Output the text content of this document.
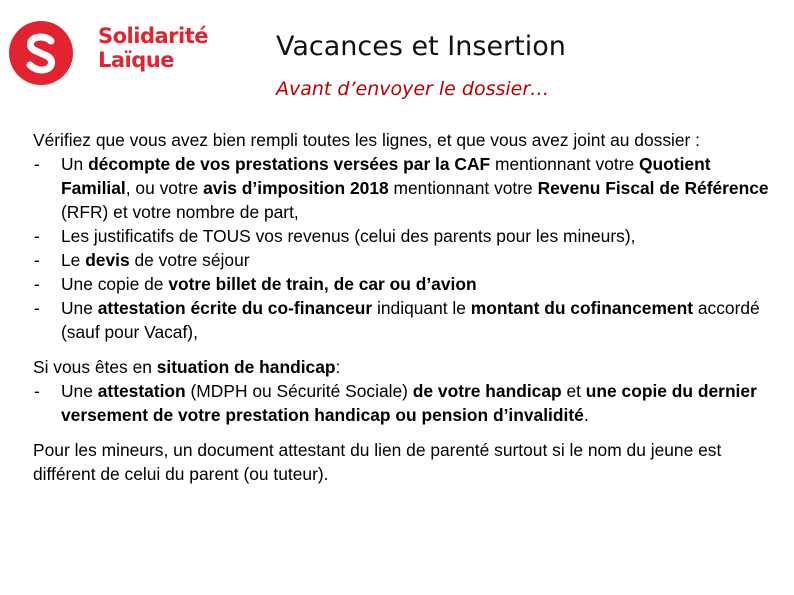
Solidarité
Laïque	Vacances et Insertion
Avant d’envoyer le dossier…

Vérifiez que vous avez bien rempli toutes les lignes, et que vous avez joint au dossier :

- Un décompte de vos prestations versées par la CAF mentionnant votre Quotient Familial, ou votre avis d’imposition 2018 mentionnant votre Revenu Fiscal de Référence (RFR) et votre nombre de part,
- Les justificatifs de TOUS vos revenus (celui des parents pour les mineurs),
- Le devis de votre séjour
- Une copie de votre billet de train, de car ou d’avion
- Une attestation écrite du co-financeur indiquant le montant du cofinancement accordé (sauf pour Vacaf),

Si vous êtes en situation de handicap:

- Une attestation (MDPH ou Sécurité Sociale) de votre handicap et une copie du dernier versement de votre prestation handicap ou pension d’invalidité.

Pour les mineurs, un document attestant du lien de parenté surtout si le nom du jeune est différent de celui du parent (ou tuteur).
